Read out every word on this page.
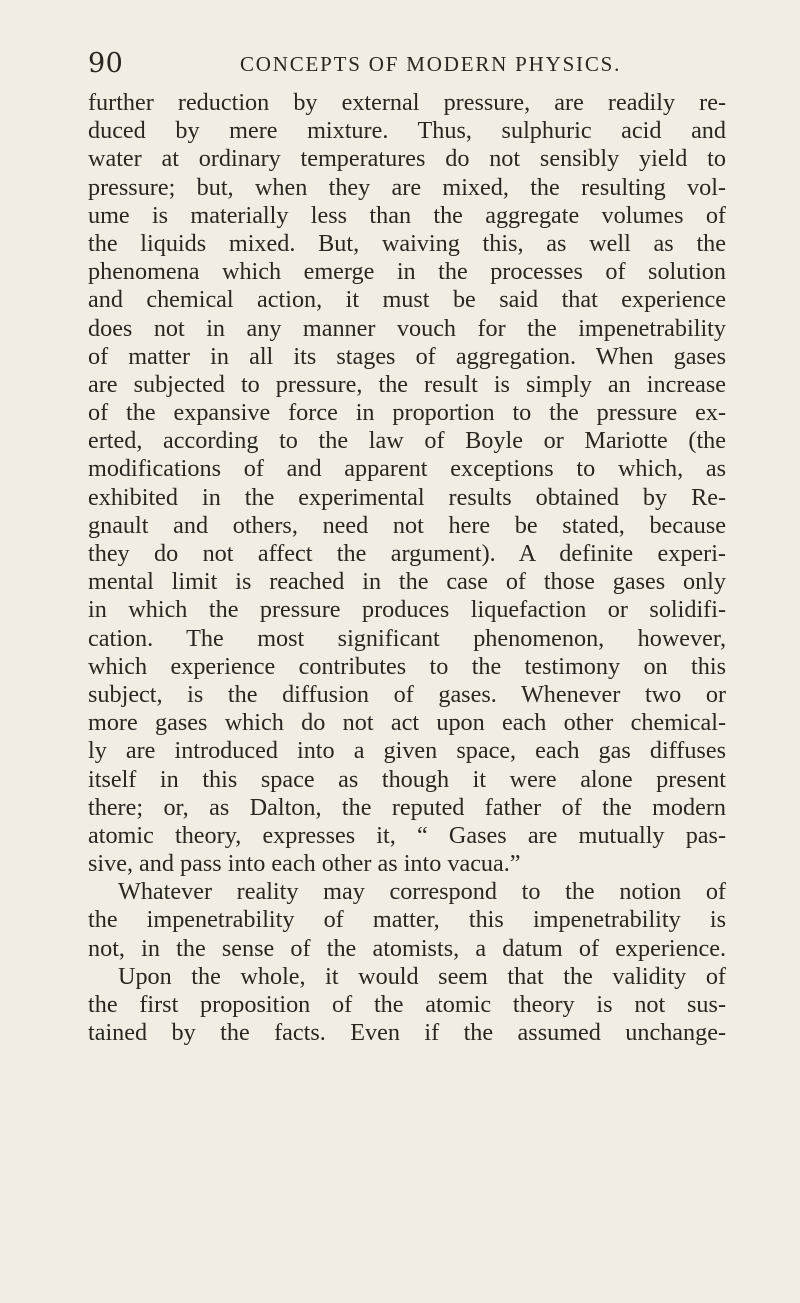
90	CONCEPTS OF MODERN PHYSICS.
further reduction by external pressure, are readily re-
duced by mere mixture. Thus, sulphuric acid and
water at ordinary temperatures do not sensibly yield to
pressure; but, when they are mixed, the resulting vol-
ume is materially less than the aggregate volumes of
the liquids mixed. But, waiving this, as well as the
phenomena which emerge in the processes of solution
and chemical action, it must be said that experience
does not in any manner vouch for the impenetrability
of matter in all its stages of aggregation. When gases
are subjected to pressure, the result is simply an increase
of the expansive force in proportion to the pressure ex-
erted, according to the law of Boyle or Mariotte (the
modifications of and apparent exceptions to which, as
exhibited in the experimental results obtained by Re-
gnault and others, need not here be stated, because
they do not affect the argument). A definite experi-
mental limit is reached in the case of those gases only
in which the pressure produces liquefaction or solidifi-
cation. The most significant phenomenon, however,
which experience contributes to the testimony on this
subject, is the diffusion of gases. Whenever two or
more gases which do not act upon each other chemical-
ly are introduced into a given space, each gas diffuses
itself in this space as though it were alone present
there; or, as Dalton, the reputed father of the modern
atomic theory, expresses it, “ Gases are mutually pas-
sive, and pass into each other as into vacua.”
Whatever reality may correspond to the notion of
the impenetrability of matter, this impenetrability is
not, in the sense of the atomists, a datum of experience.
Upon the whole, it would seem that the validity of
the first proposition of the atomic theory is not sus-
tained by the facts. Even if the assumed unchange-
